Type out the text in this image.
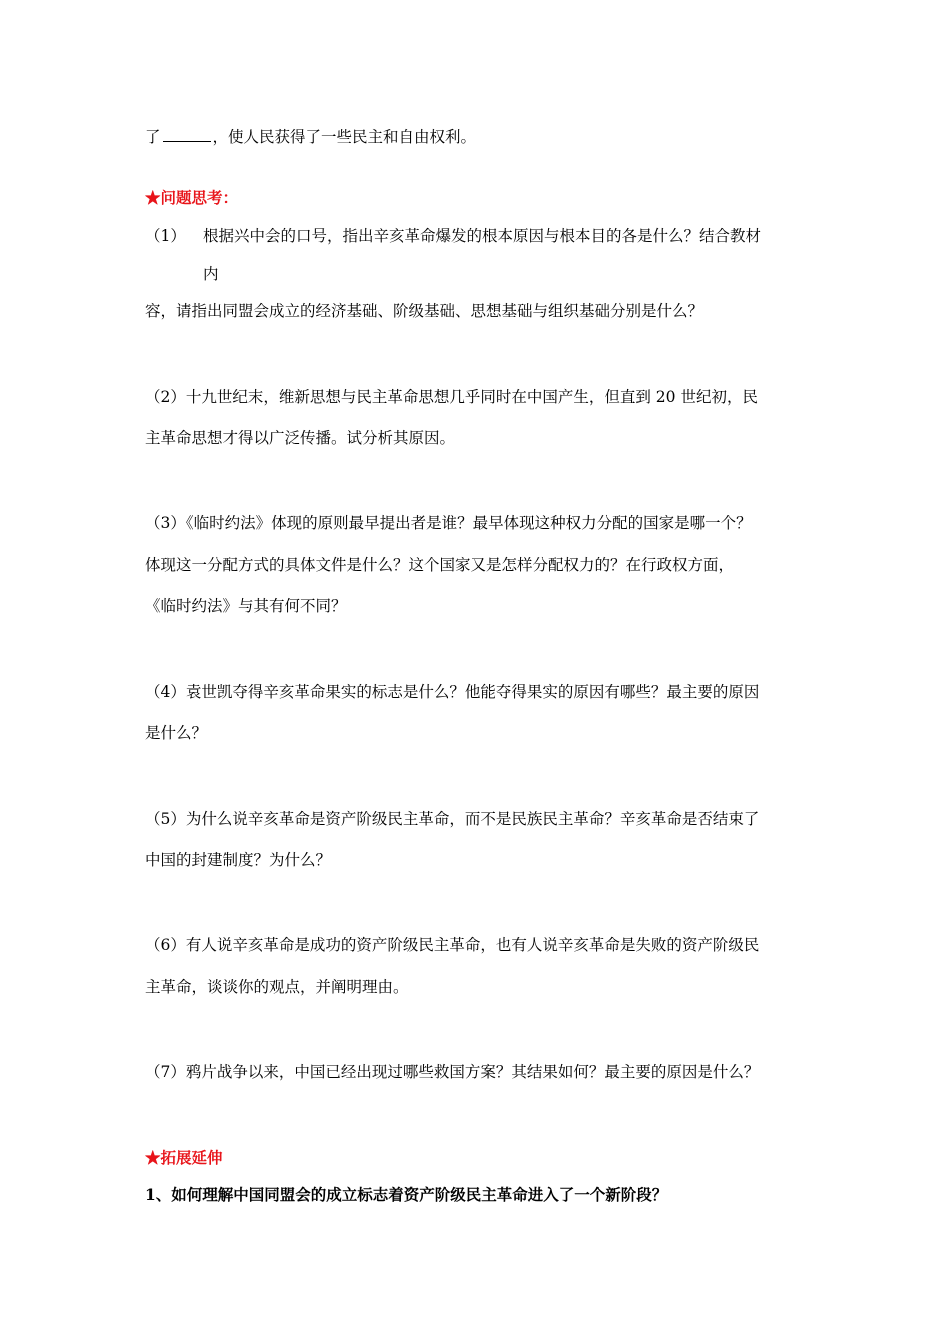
了	，使人民获得了一些民主和自由权利。
★问题思考：
（1） 根据兴中会的口号，指出辛亥革命爆发的根本原因与根本目的各是什么？结合教材
内
容，请指出同盟会成立的经济基础、阶级基础、思想基础与组织基础分别是什么？
（2）十九世纪末，维新思想与民主革命思想几乎同时在中国产生，但直到 20 世纪初，民
主革命思想才得以广泛传播。试分析其原因。
（3）《临时约法》体现的原则最早提出者是谁？最早体现这种权力分配的国家是哪一个？
体现这一分配方式的具体文件是什么？这个国家又是怎样分配权力的？在行政权方面，
《临时约法》与其有何不同？
（4）袁世凯夺得辛亥革命果实的标志是什么？他能夺得果实的原因有哪些？最主要的原因
是什么？
（5）为什么说辛亥革命是资产阶级民主革命，而不是民族民主革命？辛亥革命是否结束了
中国的封建制度？为什么？
（6）有人说辛亥革命是成功的资产阶级民主革命，也有人说辛亥革命是失败的资产阶级民
主革命，谈谈你的观点，并阐明理由。
（7）鸦片战争以来，中国已经出现过哪些救国方案？其结果如何？最主要的原因是什么？
★拓展延伸
1、如何理解中国同盟会的成立标志着资产阶级民主革命进入了一个新阶段？
